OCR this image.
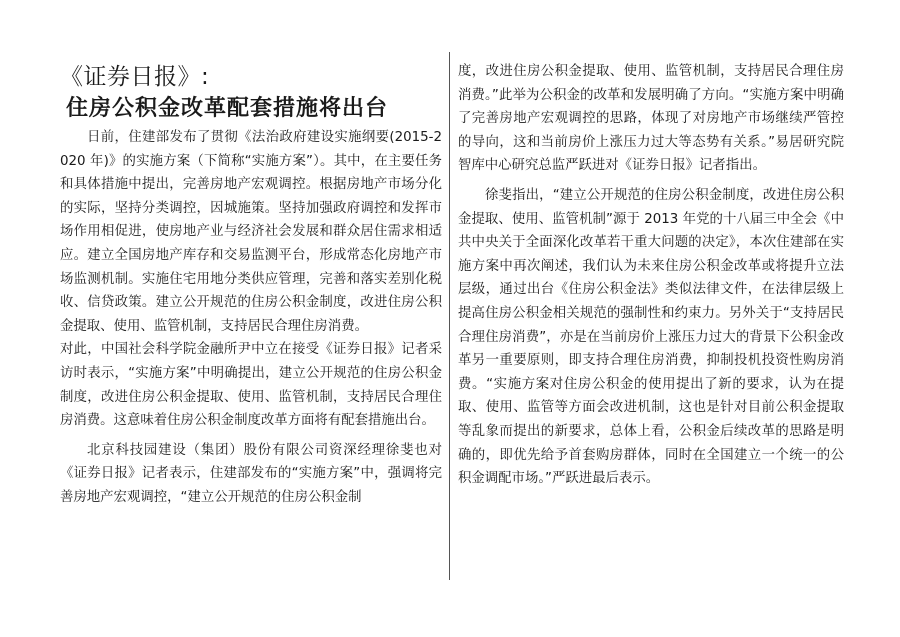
《证券日报》:
住房公积金改革配套措施将出台

日前，住建部发布了贯彻《法治政府建设实施纲要(2015-2020 年)》的实施方案（下简称“实施方案”）。其中，在主要任务和具体措施中提出，完善房地产宏观调控。根据房地产市场分化的实际，坚持分类调控，因城施策。坚持加强政府调控和发挥市场作用相促进，使房地产业与经济社会发展和群众居住需求相适应。建立全国房地产库存和交易监测平台，形成常态化房地产市场监测机制。实施住宅用地分类供应管理，完善和落实差别化税收、信贷政策。建立公开规范的住房公积金制度，改进住房公积金提取、使用、监管机制，支持居民合理住房消费。

对此，中国社会科学院金融所尹中立在接受《证券日报》记者采访时表示，“实施方案”中明确提出，建立公开规范的住房公积金制度，改进住房公积金提取、使用、监管机制，支持居民合理住房消费。这意味着住房公积金制度改革方面将有配套措施出台。

北京科技园建设（集团）股份有限公司资深经理徐斐也对《证券日报》记者表示，住建部发布的“实施方案”中，强调将完善房地产宏观调控，“建立公开规范的住房公积金制

度，改进住房公积金提取、使用、监管机制，支持居民合理住房消费。”此举为公积金的改革和发展明确了方向。“实施方案中明确了完善房地产宏观调控的思路，体现了对房地产市场继续严管控的导向，这和当前房价上涨压力过大等态势有关系。”易居研究院智库中心研究总监严跃进对《证券日报》记者指出。

徐斐指出，“建立公开规范的住房公积金制度，改进住房公积金提取、使用、监管机制”源于 2013 年党的十八届三中全会《中共中央关于全面深化改革若干重大问题的决定》，本次住建部在实施方案中再次阐述，我们认为未来住房公积金改革或将提升立法层级，通过出台《住房公积金法》类似法律文件，在法律层级上提高住房公积金相关规范的强制性和约束力。另外关于“支持居民合理住房消费”，亦是在当前房价上涨压力过大的背景下公积金改革另一重要原则，即支持合理住房消费，抑制投机投资性购房消费。“实施方案对住房公积金的使用提出了新的要求，认为在提取、使用、监管等方面会改进机制，这也是针对目前公积金提取等乱象而提出的新要求，总体上看，公积金后续改革的思路是明确的，即优先给予首套购房群体，同时在全国建立一个统一的公积金调配市场。”严跃进最后表示。
